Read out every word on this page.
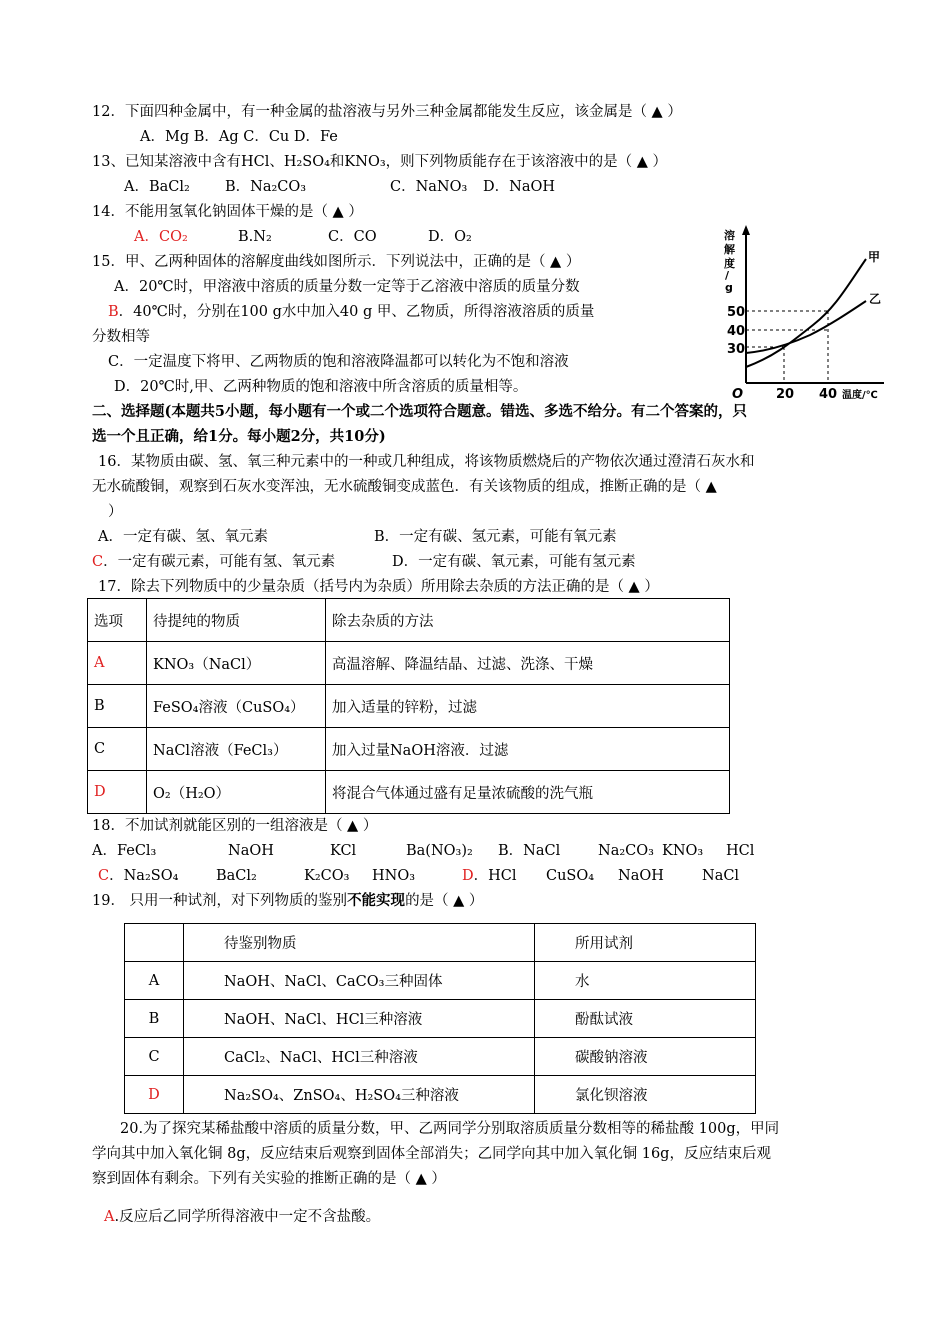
12．下面四种金属中，有一种金属的盐溶液与另外三种金属都能发生反应，该金属是（ ▲ ）
A．Mg B．Ag C．Cu D．Fe
13、已知某溶液中含有HCl、H₂SO₄和KNO₃，则下列物质能存在于该溶液中的是（ ▲ ）
A．BaCl₂ B．Na₂CO₃	C．NaNO₃ D．NaOH
14．不能用氢氧化钠固体干燥的是（ ▲ ）
A．CO₂	B.N₂	C．CO	D．O₂
15．甲、乙两种固体的溶解度曲线如图所示．下列说法中，正确的是（ ▲ ）
A．20℃时，甲溶液中溶质的质量分数一定等于乙溶液中溶质的质量分数
B．40℃时，分别在100 g水中加入40 g 甲、乙物质，所得溶液溶质的质量
分数相等
C．一定温度下将甲、乙两物质的饱和溶液降温都可以转化为不饱和溶液
D．20℃时,甲、乙两种物质的饱和溶液中所含溶质的质量相等。
溶
解
度
/
g
甲
乙
50
40
30
O	20 40 温度/℃
二、选择题(本题共5小题，每小题有一个或二个选项符合题意。错选、多选不给分。有二个答案的，只
选一个且正确，给1分。每小题2分，共10分)
16．某物质由碳、氢、氧三种元素中的一种或几种组成，将该物质燃烧后的产物依次通过澄清石灰水和
无水硫酸铜，观察到石灰水变浑浊，无水硫酸铜变成蓝色．有关该物质的组成，推断正确的是（ ▲
）
A．一定有碳、氢、氧元素	B．一定有碳、氢元素，可能有氧元素
C．一定有碳元素，可能有氢、氧元素	D．一定有碳、氧元素，可能有氢元素
17．除去下列物质中的少量杂质（括号内为杂质）所用除去杂质的方法正确的是（ ▲ ）
选项	待提纯的物质	除去杂质的方法
A	KNO₃（NaCl）	高温溶解、降温结晶、过滤、洗涤、干燥
B	FeSO₄溶液（CuSO₄）	加入适量的锌粉，过滤
C	NaCl溶液（FeCl₃）	加入过量NaOH溶液．过滤
D	O₂（H₂O）	将混合气体通过盛有足量浓硫酸的洗气瓶
18．不加试剂就能区别的一组溶液是（ ▲ ）
A．FeCl₃	NaOH	KCl	Ba(NO₃)₂ B．NaCl	Na₂CO₃ KNO₃ HCl
C．Na₂SO₄	BaCl₂	K₂CO₃ HNO₃	D．HCl CuSO₄ NaOH	NaCl
19． 只用一种试剂，对下列物质的鉴别不能实现的是（ ▲ ）
	待鉴别物质	所用试剂
A	NaOH、NaCl、CaCO₃三种固体	水
B	NaOH、NaCl、HCl三种溶液	酚酞试液
C	CaCl₂、NaCl、HCl三种溶液	碳酸钠溶液
D	Na₂SO₄、ZnSO₄、H₂SO₄三种溶液	氯化钡溶液
20.为了探究某稀盐酸中溶质的质量分数，甲、乙两同学分别取溶质质量分数相等的稀盐酸 100g，甲同
学向其中加入氧化铜 8g，反应结束后观察到固体全部消失；乙同学向其中加入氧化铜 16g，反应结束后观
察到固体有剩余。下列有关实验的推断正确的是（ ▲ ）
A.反应后乙同学所得溶液中一定不含盐酸。
